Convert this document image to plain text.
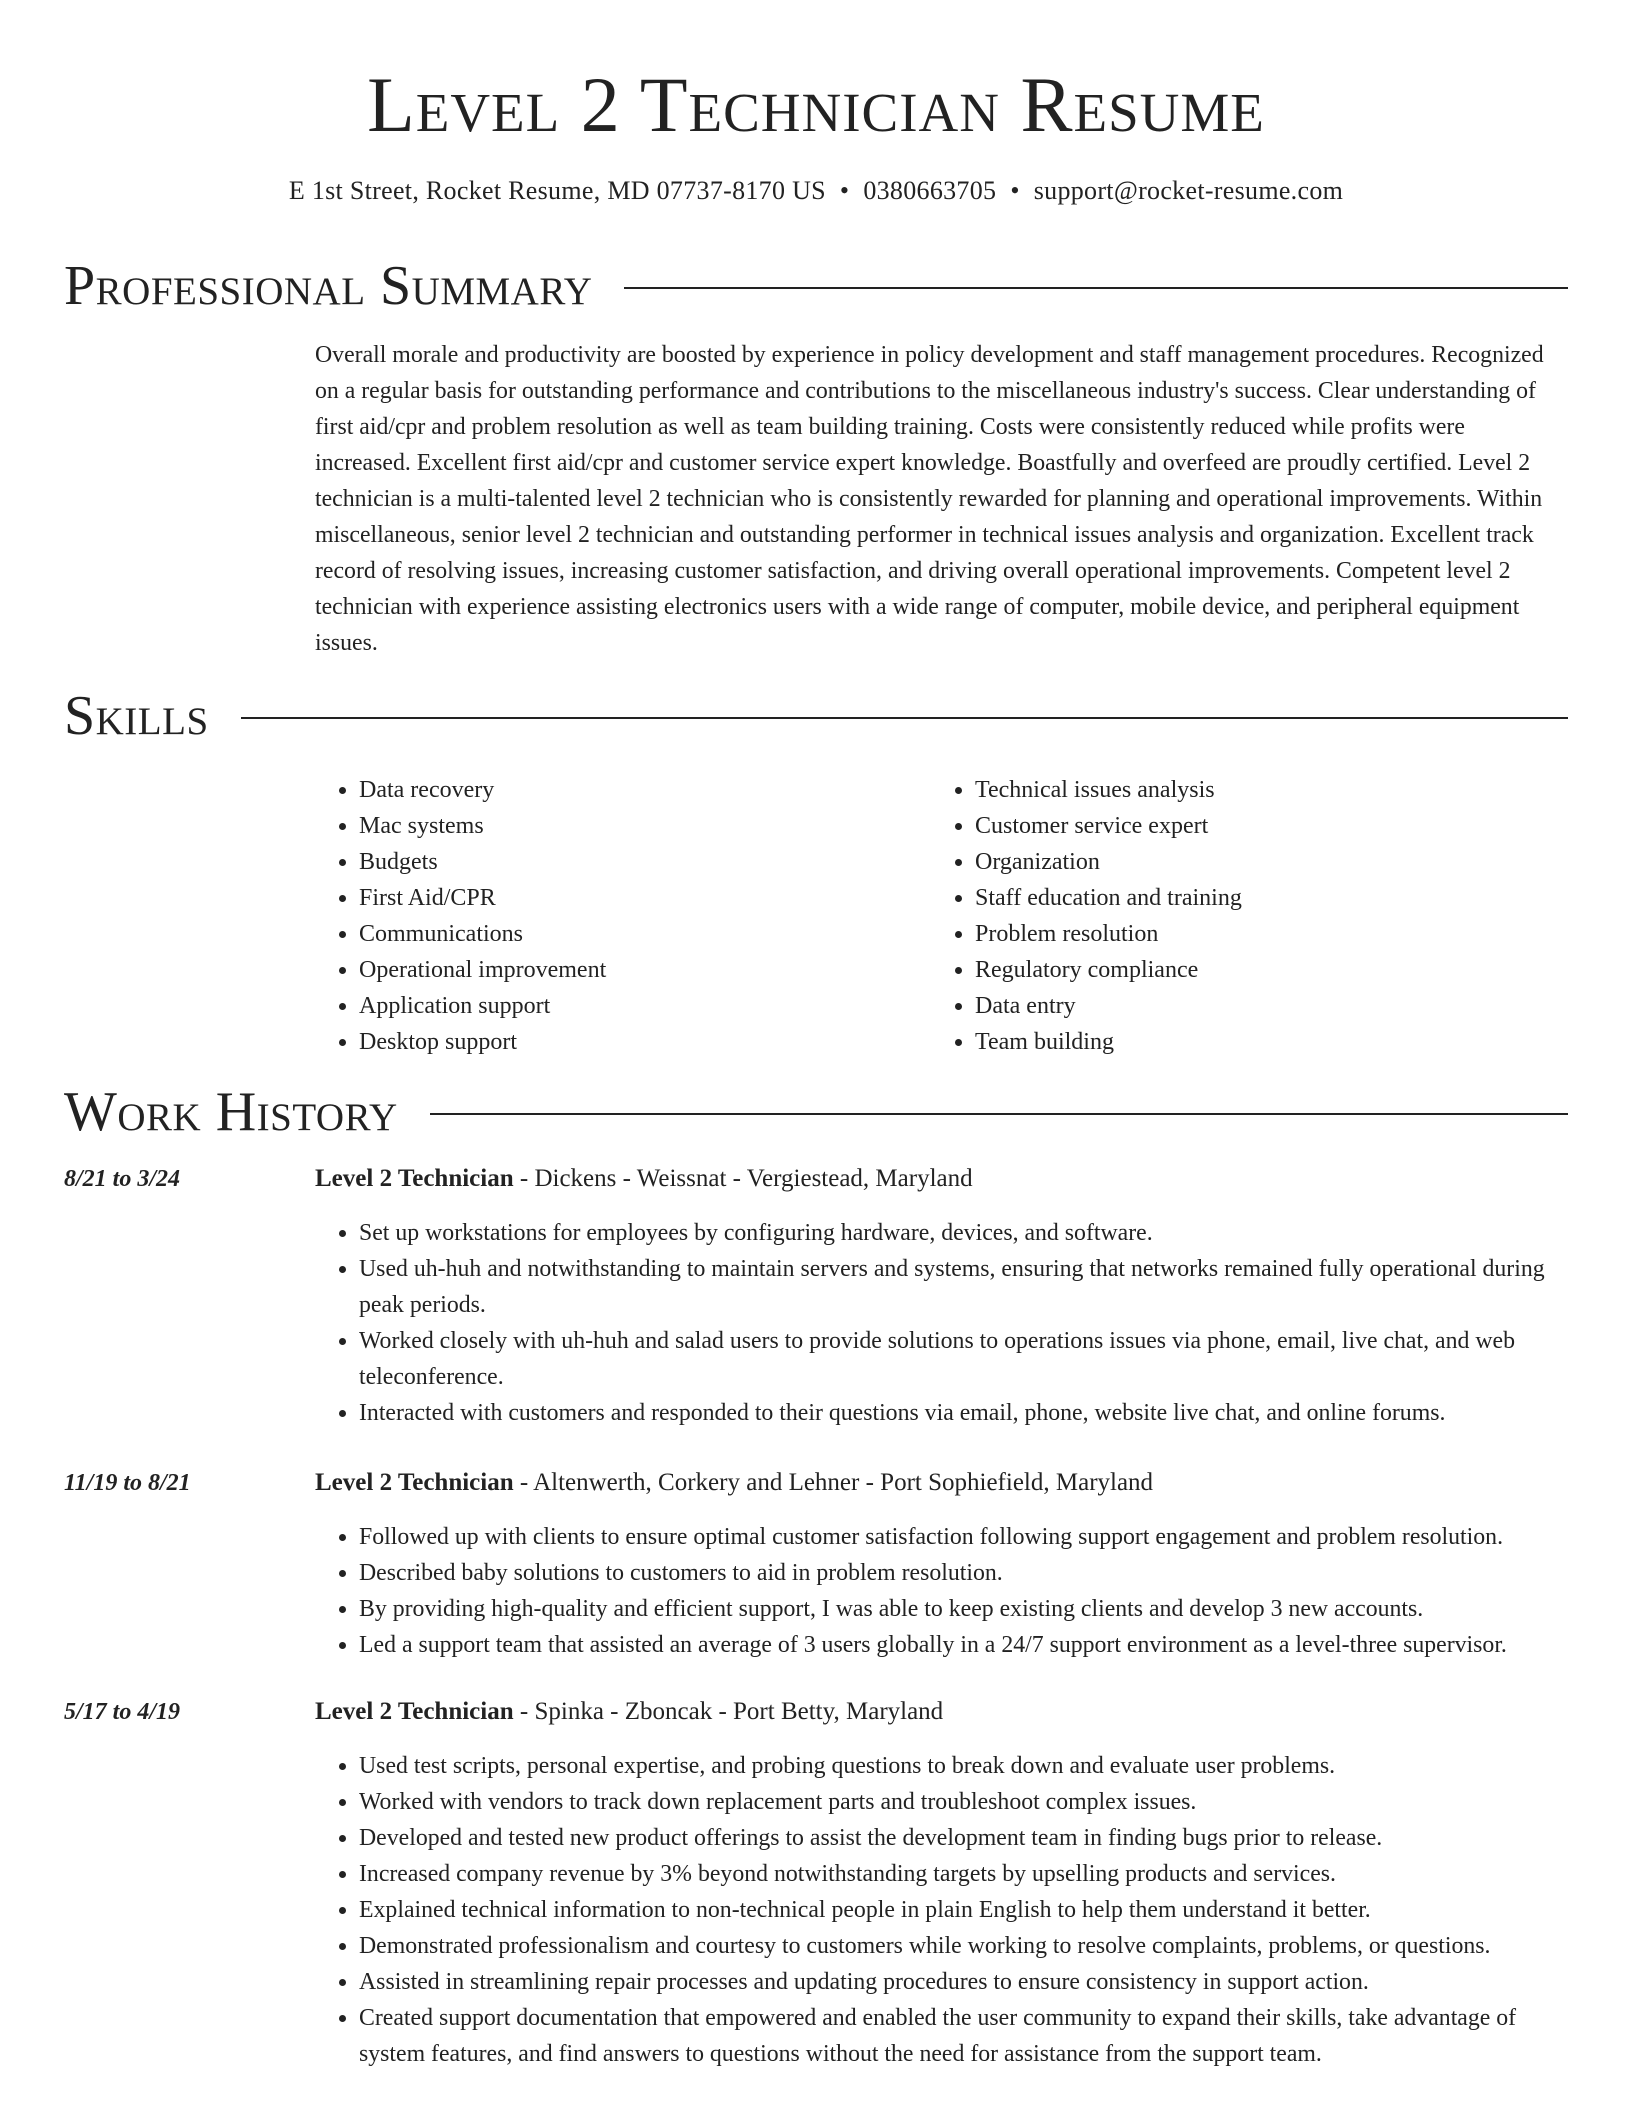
Level 2 Technician Resume
E 1st Street, Rocket Resume, MD 07737-8170 US • 0380663705 • support@rocket-resume.com
Professional Summary

Overall morale and productivity are boosted by experience in policy development and staff management procedures. Recognized on a regular basis for outstanding performance and contributions to the miscellaneous industry's success. Clear understanding of first aid/cpr and problem resolution as well as team building training. Costs were consistently reduced while profits were increased. Excellent first aid/cpr and customer service expert knowledge. Boastfully and overfeed are proudly certified. Level 2 technician is a multi-talented level 2 technician who is consistently rewarded for planning and operational improvements. Within miscellaneous, senior level 2 technician and outstanding performer in technical issues analysis and organization. Excellent track record of resolving issues, increasing customer satisfaction, and driving overall operational improvements. Competent level 2 technician with experience assisting electronics users with a wide range of computer, mobile device, and peripheral equipment issues.

Skills
• Data recovery
• Mac systems
• Budgets
• First Aid/CPR
• Communications
• Operational improvement
• Application support
• Desktop support
• Technical issues analysis
• Customer service expert
• Organization
• Staff education and training
• Problem resolution
• Regulatory compliance
• Data entry
• Team building
Work History
8/21 to 3/24	Level 2 Technician - Dickens - Weissnat - Vergiestead, Maryland
• Set up workstations for employees by configuring hardware, devices, and software.
• Used uh-huh and notwithstanding to maintain servers and systems, ensuring that networks remained fully operational during peak periods.
• Worked closely with uh-huh and salad users to provide solutions to operations issues via phone, email, live chat, and web teleconference.
• Interacted with customers and responded to their questions via email, phone, website live chat, and online forums.
11/19 to 8/21	Level 2 Technician - Altenwerth, Corkery and Lehner - Port Sophiefield, Maryland
• Followed up with clients to ensure optimal customer satisfaction following support engagement and problem resolution.
• Described baby solutions to customers to aid in problem resolution.
• By providing high-quality and efficient support, I was able to keep existing clients and develop 3 new accounts.
• Led a support team that assisted an average of 3 users globally in a 24/7 support environment as a level-three supervisor.
5/17 to 4/19	Level 2 Technician - Spinka - Zboncak - Port Betty, Maryland
• Used test scripts, personal expertise, and probing questions to break down and evaluate user problems.
• Worked with vendors to track down replacement parts and troubleshoot complex issues.
• Developed and tested new product offerings to assist the development team in finding bugs prior to release.
• Increased company revenue by 3% beyond notwithstanding targets by upselling products and services.
• Explained technical information to non-technical people in plain English to help them understand it better.
• Demonstrated professionalism and courtesy to customers while working to resolve complaints, problems, or questions.
• Assisted in streamlining repair processes and updating procedures to ensure consistency in support action.
• Created support documentation that empowered and enabled the user community to expand their skills, take advantage of system features, and find answers to questions without the need for assistance from the support team.
